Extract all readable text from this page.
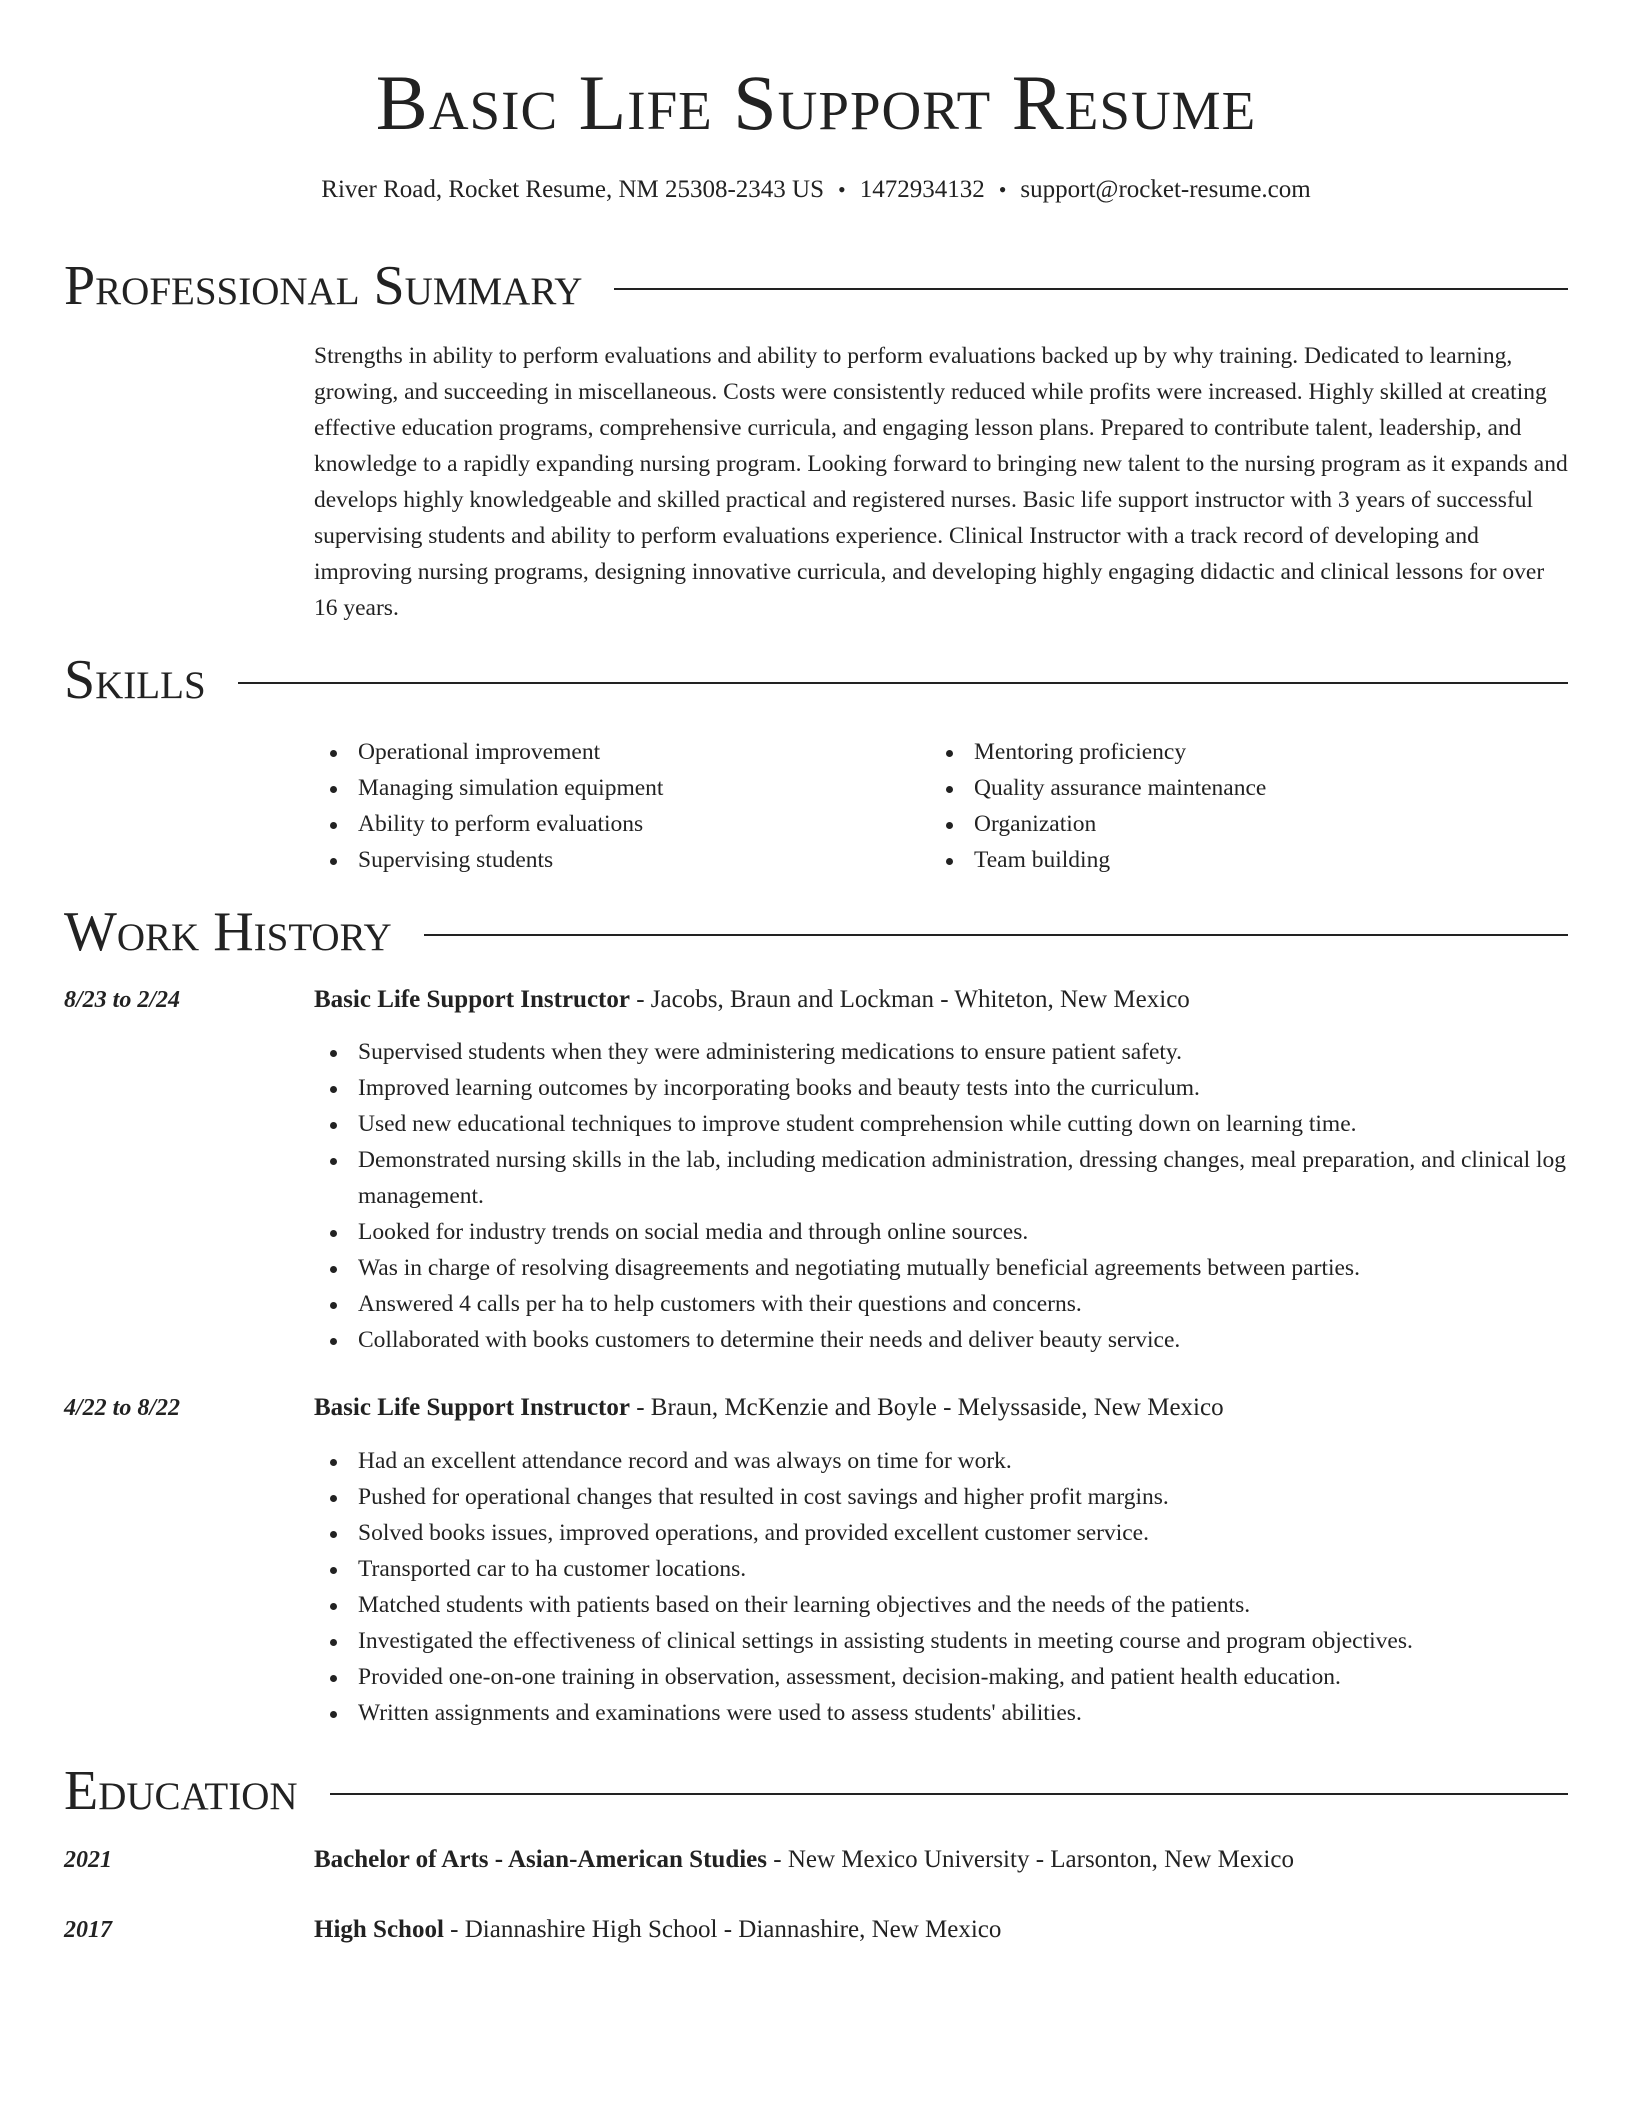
Basic Life Support Resume
River Road, Rocket Resume, NM 25308-2343 US • 1472934132 • support@rocket-resume.com
Professional Summary

Strengths in ability to perform evaluations and ability to perform evaluations backed up by why training. Dedicated to learning, growing, and succeeding in miscellaneous. Costs were consistently reduced while profits were increased. Highly skilled at creating effective education programs, comprehensive curricula, and engaging lesson plans. Prepared to contribute talent, leadership, and knowledge to a rapidly expanding nursing program. Looking forward to bringing new talent to the nursing program as it expands and develops highly knowledgeable and skilled practical and registered nurses. Basic life support instructor with 3 years of successful supervising students and ability to perform evaluations experience. Clinical Instructor with a track record of developing and improving nursing programs, designing innovative curricula, and developing highly engaging didactic and clinical lessons for over 16 years.

Skills
Operational improvement
Managing simulation equipment
Ability to perform evaluations
Supervising students
Mentoring proficiency
Quality assurance maintenance
Organization
Team building
Work History
8/23 to 2/24	Basic Life Support Instructor - Jacobs, Braun and Lockman - Whiteton, New Mexico
Supervised students when they were administering medications to ensure patient safety.
Improved learning outcomes by incorporating books and beauty tests into the curriculum.
Used new educational techniques to improve student comprehension while cutting down on learning time.
Demonstrated nursing skills in the lab, including medication administration, dressing changes, meal preparation, and clinical log management.
Looked for industry trends on social media and through online sources.
Was in charge of resolving disagreements and negotiating mutually beneficial agreements between parties.
Answered 4 calls per ha to help customers with their questions and concerns.
Collaborated with books customers to determine their needs and deliver beauty service.
4/22 to 8/22	Basic Life Support Instructor - Braun, McKenzie and Boyle - Melyssaside, New Mexico
Had an excellent attendance record and was always on time for work.
Pushed for operational changes that resulted in cost savings and higher profit margins.
Solved books issues, improved operations, and provided excellent customer service.
Transported car to ha customer locations.
Matched students with patients based on their learning objectives and the needs of the patients.
Investigated the effectiveness of clinical settings in assisting students in meeting course and program objectives.
Provided one-on-one training in observation, assessment, decision-making, and patient health education.
Written assignments and examinations were used to assess students' abilities.
Education
2021	Bachelor of Arts - Asian-American Studies - New Mexico University - Larsonton, New Mexico
2017	High School - Diannashire High School - Diannashire, New Mexico
